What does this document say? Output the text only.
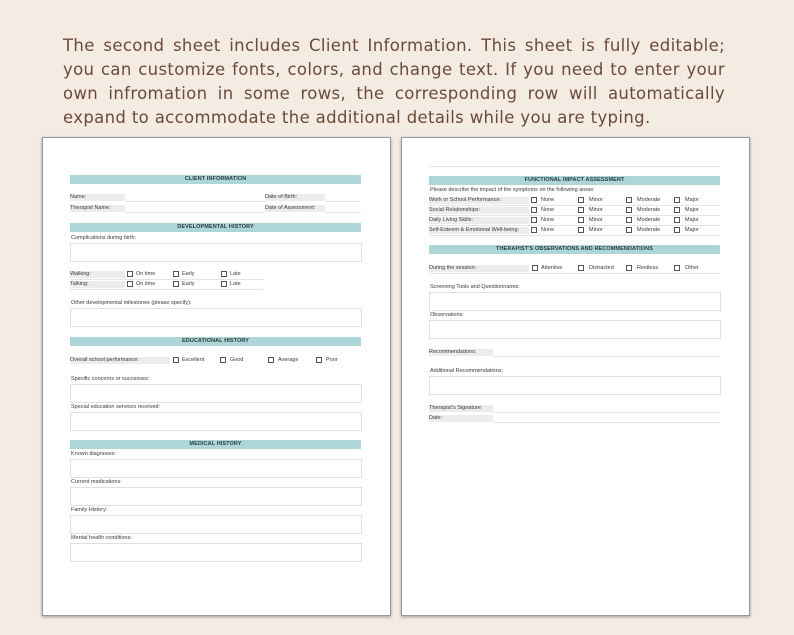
The second sheet includes Client Information. This sheet is fully editable; you can customize fonts, colors, and change text. If you need to enter your own infromation in some rows, the corresponding row will automatically expand to accommodate the additional details while you are typing.

CLIENT INFORMATION
Name:
Therapist Name:
Date of Birth:
Date of Assessment:
DEVELOPMENTAL HISTORY
Complications during birth:
Walking:	On time	Early	Late
Talking:	On time	Early	Late
Other developmental milestones (please specify):
EDUCATIONAL HISTORY
Overall school performance:	Excellent	Good	Average	Poor
Specific concerns or successes:
Special education services received:
MEDICAL HISTORY
Known diagnoses:
Current medications:
Family History:
Mental health conditions:
FUNCTIONAL IMPACT ASSESSMENT
Please describe the impact of the symptoms on the following areas:
Work or School Performance:	None	Minor	Moderate	Major
Social Relationships:	None	Minor	Moderate	Major
Daily Living Skills:	None	Minor	Moderate	Major
Self-Esteem & Emotional Well-being:	None	Minor	Moderate	Major
THERAPIST'S OBSERVATIONS AND RECOMMENDATIONS
During the session:	Attentive	Distracted	Restless	Other
Screening Tools and Questionnaires:
Observations:
Recommendations:
Additional Recommendations:
Therapist's Signature:
Date:
